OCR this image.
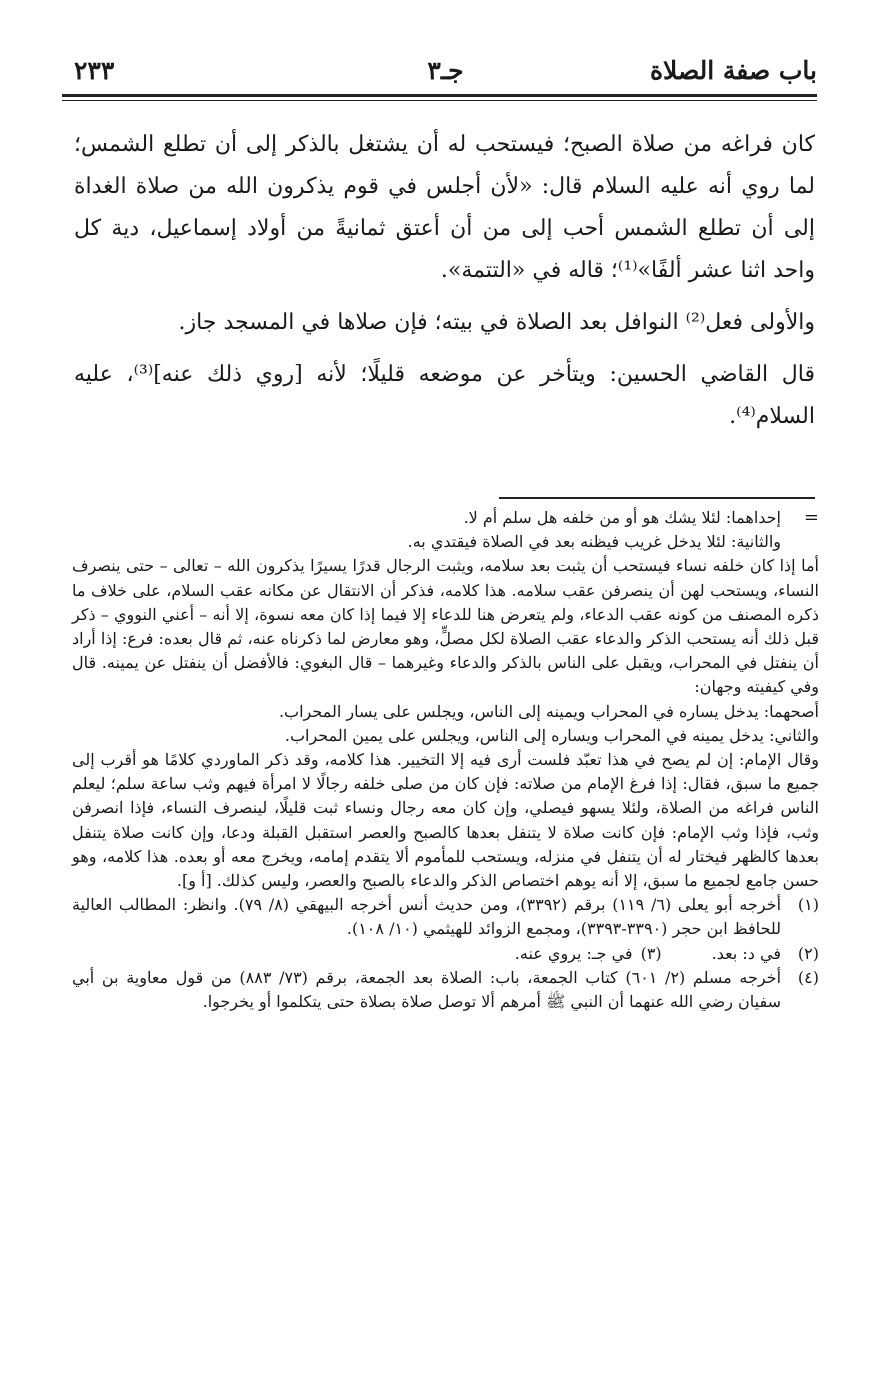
باب صفة الصلاة
جـ٣
٢٣٣

كان فراغه من صلاة الصبح؛ فيستحب له أن يشتغل بالذكر إلى أن تطلع الشمس؛ لما روي أنه عليه السلام قال: «لأن أجلس في قوم يذكرون الله من صلاة الغداة إلى أن تطلع الشمس أحب إلى من أن أعتق ثمانيةً من أولاد إسماعيل، دية كل واحد اثنا عشر ألفًا»⁽¹⁾؛ قاله في «التتمة».

والأولى فعل⁽²⁾ النوافل بعد الصلاة في بيته؛ فإن صلاها في المسجد جاز.

قال القاضي الحسين: ويتأخر عن موضعه قليلًا؛ لأنه [روي ذلك عنه]⁽³⁾، عليه السلام⁽⁴⁾.

=

إحداهما: لئلا يشك هو أو من خلفه هل سلم أم لا.

والثانية: لئلا يدخل غريب فيظنه بعد في الصلاة فيقتدي به.

أما إذا كان خلفه نساء فيستحب أن يثبت بعد سلامه، ويثبت الرجال قدرًا يسيرًا يذكرون الله – تعالى – حتى ينصرف النساء، ويستحب لهن أن ينصرفن عقب سلامه. هذا كلامه، فذكر أن الانتقال عن مكانه عقب السلام، على خلاف ما ذكره المصنف من كونه عقب الدعاء، ولم يتعرض هنا للدعاء إلا فيما إذا كان معه نسوة، إلا أنه – أعني النووي – ذكر قبل ذلك أنه يستحب الذكر والدعاء عقب الصلاة لكل مصلٍّ، وهو معارض لما ذكرناه عنه، ثم قال بعده: فرع: إذا أراد أن ينفتل في المحراب، ويقبل على الناس بالذكر والدعاء وغيرهما – قال البغوي: فالأفضل أن ينفتل عن يمينه. قال وفي كيفيته وجهان:

أصحهما: يدخل يساره في المحراب ويمينه إلى الناس، ويجلس على يسار المحراب.

والثاني: يدخل يمينه في المحراب ويساره إلى الناس، ويجلس على يمين المحراب.

وقال الإمام: إن لم يصح في هذا تعبّد فلست أرى فيه إلا التخيير. هذا كلامه، وقد ذكر الماوردي كلامًا هو أقرب إلى جميع ما سبق، فقال: إذا فرغ الإمام من صلاته: فإن كان من صلى خلفه رجالًا لا امرأة فيهم وثب ساعة سلم؛ ليعلم الناس فراغه من الصلاة، ولئلا يسهو فيصلي، وإن كان معه رجال ونساء ثبت قليلًا، لينصرف النساء، فإذا انصرفن وثب، فإذا وثب الإمام: فإن كانت صلاة لا يتنفل بعدها كالصبح والعصر استقبل القبلة ودعا، وإن كانت صلاة يتنفل بعدها كالظهر فيختار له أن يتنفل في منزله، ويستحب للمأموم ألا يتقدم إمامه، ويخرج معه أو بعده. هذا كلامه، وهو حسن جامع لجميع ما سبق، إلا أنه يوهم اختصاص الذكر والدعاء بالصبح والعصر، وليس كذلك. [أ و].

(١)
أخرجه أبو يعلى (٦/ ١١٩) برقم (٣٣٩٢)، ومن حديث أنس أخرجه البيهقي (٨/ ٧٩). وانظر: المطالب العالية للحافظ ابن حجر (٣٣٩٠-٣٣٩٣)، ومجمع الزوائد للهيثمي (١٠/ ١٠٨).
(٢)
في د: بعد.
(٣)
في جـ: يروي عنه.
(٤)
أخرجه مسلم (٢/ ٦٠١) كتاب الجمعة، باب: الصلاة بعد الجمعة، برقم (٧٣/ ٨٨٣) من قول معاوية بن أبي سفيان رضي الله عنهما أن النبي ﷺ أمرهم ألا توصل صلاة بصلاة حتى يتكلموا أو يخرجوا.
